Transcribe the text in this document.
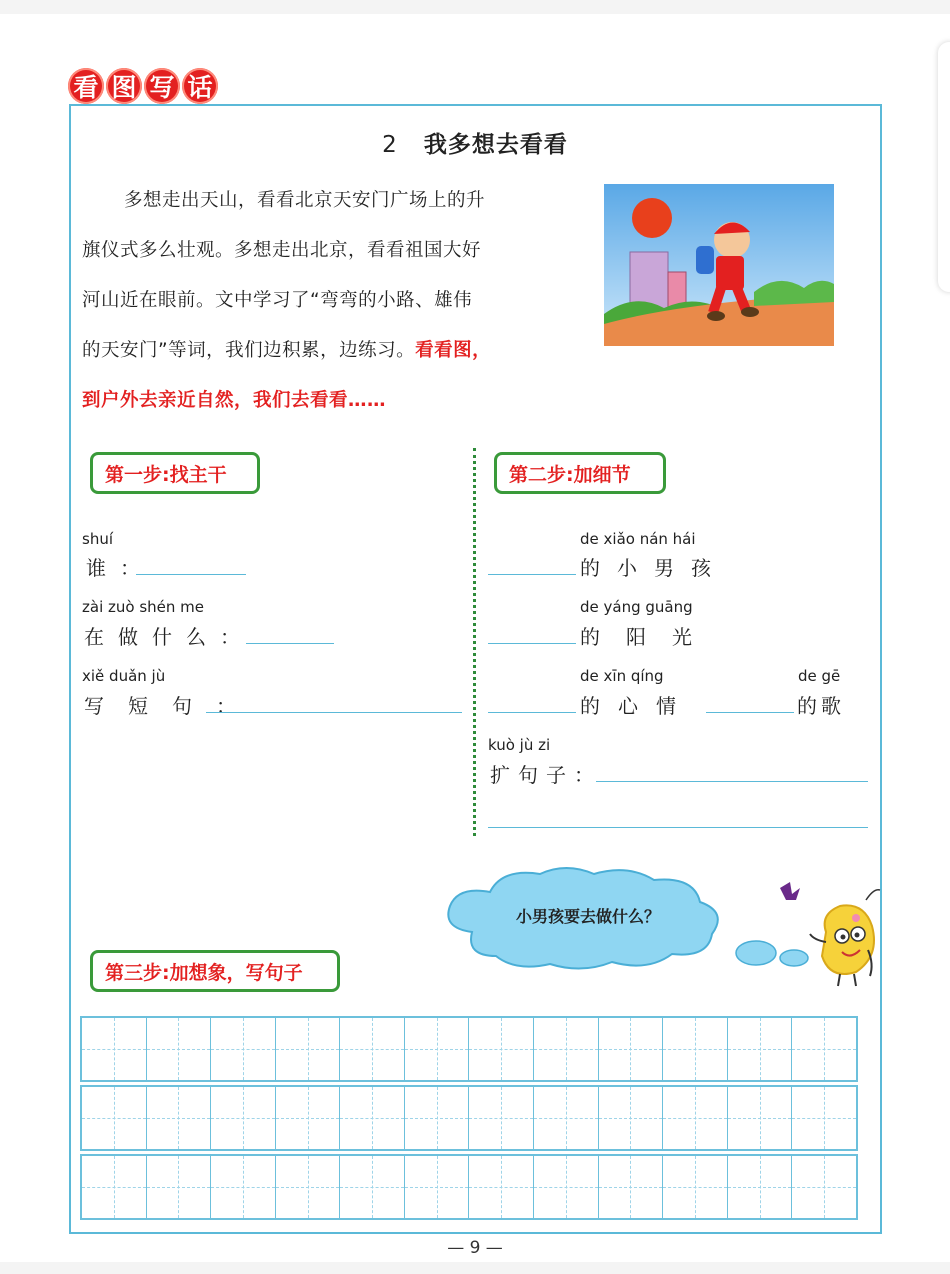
看 图 写 话
2 我多想去看看
多想走出天山，看看北京天安门广场上的升
旗仪式多么壮观。多想走出北京，看看祖国大好
河山近在眼前。文中学习了“弯弯的小路、雄伟
的天安门”等词，我们边积累，边练习。看看图，
到户外去亲近自然，我们去看看……
第一步:找主干
shuí
谁：
zài zuò shén me
在做什么：
xiě duǎn jù
写短句：
第二步:加细节
de xiǎo nán hái
的小男孩
de yáng guāng
的阳光
de xīn qíng
的心情
de gē
的歌
kuò jù zi
扩句子：
小男孩要去做什么？
第三步:加想象，写句子
— 9 —
